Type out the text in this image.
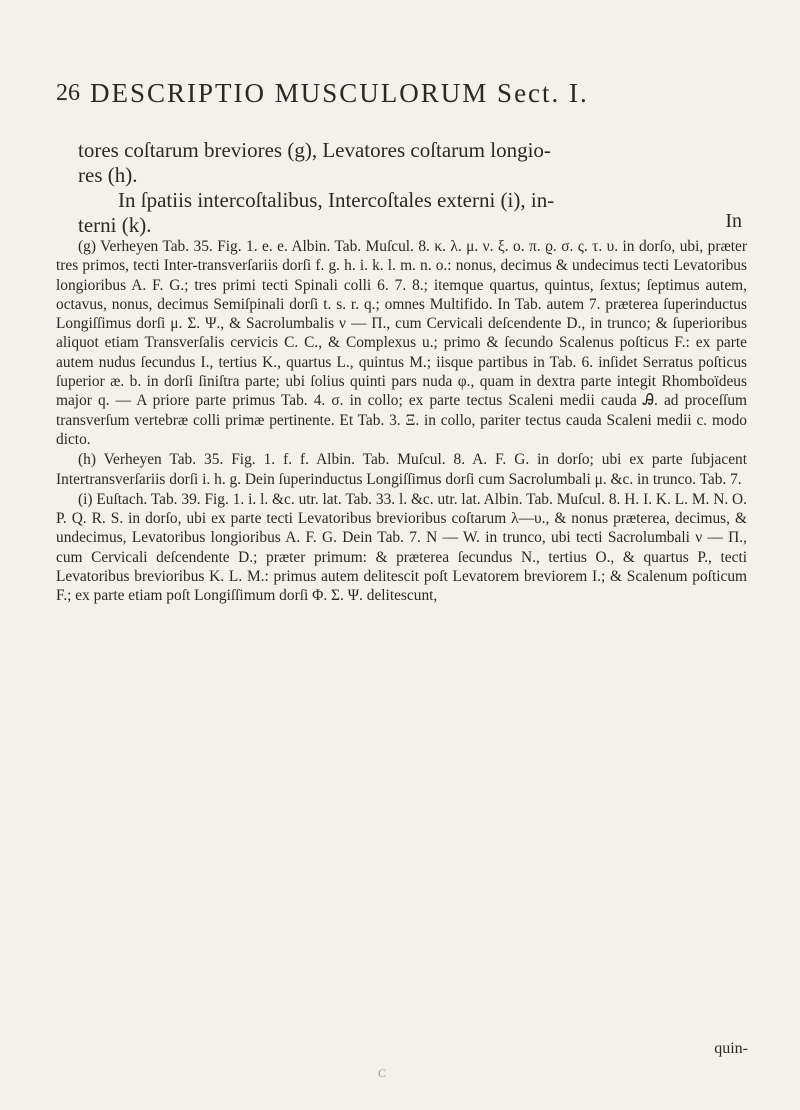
26 DESCRIPTIO MUSCULORUM Sect. I.

tores coſtarum breviores (g), Levatores coſtarum longio-

res (h).

In ſpatiis intercoſtalibus, Intercoſtales externi (i), in-

terni (k).	In

(g) Verheyen Tab. 35. Fig. 1. e. e. Albin. Tab. Muſcul. 8. κ. λ. μ. ν. ξ. ο. π. ϱ. σ. ς. τ. υ. in dorſo, ubi, præter tres primos, tecti Inter-transverſariis dorſi f. g. h. i. k. l. m. n. o.: nonus, decimus & undecimus tecti Levatoribus longioribus A. F. G.; tres primi tecti Spinali colli 6. 7. 8.; itemque quartus, quintus, ſextus; ſeptimus autem, octavus, nonus, decimus Semiſpinali dorſi t. s. r. q.; omnes Multifido. In Tab. autem 7. præterea ſuperinductus Longiſſimus dorſi μ. Σ. Ψ., & Sacrolumbalis ν — Π., cum Cervicali deſcendente D., in trunco; & ſuperioribus aliquot etiam Transverſalis cervicis C. C., & Complexus u.; primo & ſecundo Scalenus poſticus F.: ex parte autem nudus ſecundus I., tertius K., quartus L., quintus M.; iisque partibus in Tab. 6. inſidet Serratus poſticus ſuperior æ. b. in dorſi ſiniſtra parte; ubi ſolius quinti pars nuda φ., quam in dextra parte integit Rhomboïdeus major q. — A priore parte primus Tab. 4. σ. in collo; ex parte tectus Scaleni medii cauda Ꭿ. ad proceſſum transverſum vertebræ colli primæ pertinente. Et Tab. 3. Ξ. in collo, pariter tectus cauda Scaleni medii c. modo dicto.

(h) Verheyen Tab. 35. Fig. 1. f. f. Albin. Tab. Muſcul. 8. A. F. G. in dorſo; ubi ex parte ſubjacent Intertransverſariis dorſi i. h. g. Dein ſuperinductus Longiſſimus dorſi cum Sacrolumbali μ. &c. in trunco. Tab. 7.

(i) Euſtach. Tab. 39. Fig. 1. i. l. &c. utr. lat. Tab. 33. l. &c. utr. lat. Albin. Tab. Muſcul. 8. H. I. K. L. M. N. O. P. Q. R. S. in dorſo, ubi ex parte tecti Levatoribus brevioribus coſtarum λ—υ., & nonus præterea, decimus, & undecimus, Levatoribus longioribus A. F. G. Dein Tab. 7. N — W. in trunco, ubi tecti Sacrolumbali ν — Π., cum Cervicali deſcendente D.; præter primum: & præterea ſecundus N., tertius O., & quartus P., tecti Levatoribus brevioribus K. L. M.: primus autem delitescit poſt Levatorem breviorem I.; & Scalenum poſticum F.; ex parte etiam poſt Longiſſimum dorſi Φ. Σ. Ψ. delitescunt,

quin-
C
